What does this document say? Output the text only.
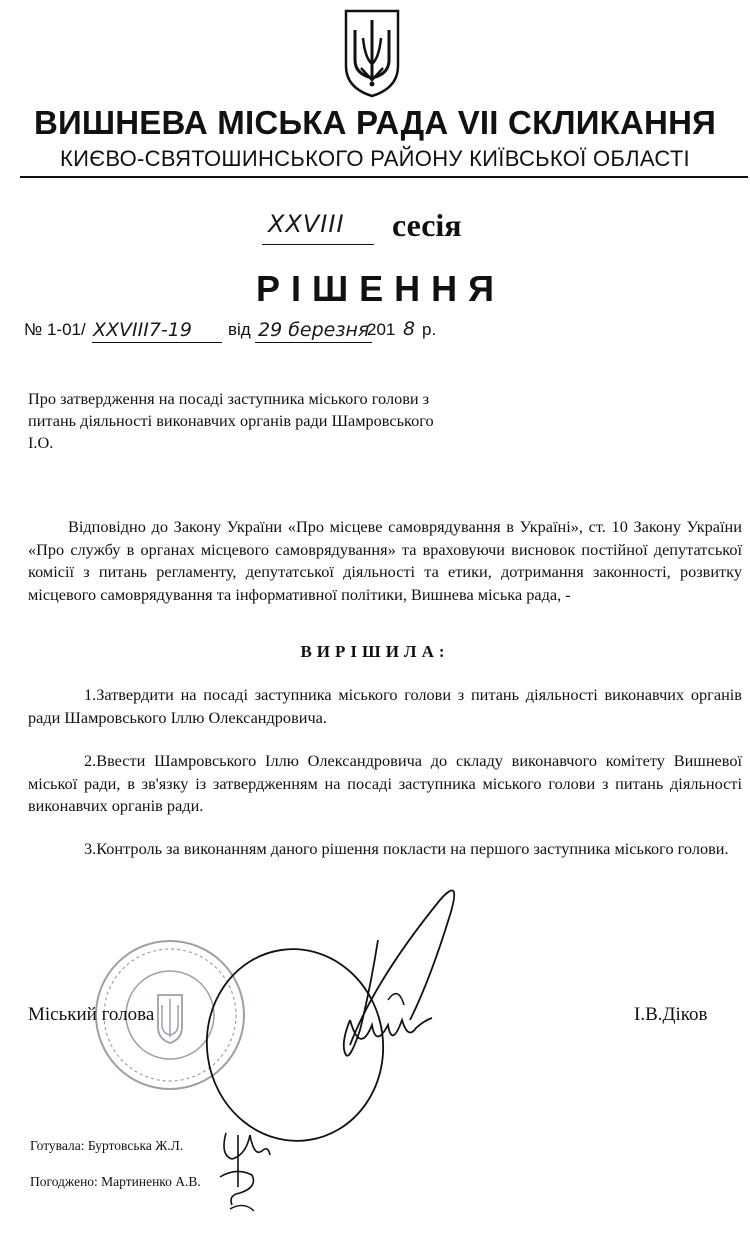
ВИШНЕВА МІСЬКА РАДА VII СКЛИКАННЯ
КИЄВО-СВЯТОШИНСЬКОГО РАЙОНУ КИЇВСЬКОЇ ОБЛАСТІ
XXVIII сесія
РІШЕННЯ
№ 1-01/ XXVIII7-19 від 29 березня
201 8 р.
Про затвердження на посаді заступника міського голови з питань діяльності виконавчих органів ради Шамровського І.О.
Відповідно до Закону України «Про місцеве самоврядування в Україні», ст. 10 Закону України «Про службу в органах місцевого самоврядування» та враховуючи висновок постійної депутатської комісії з питань регламенту, депутатської діяльності та етики, дотримання законності, розвитку місцевого самоврядування та інформативної політики, Вишнева міська рада, -
ВИРІШИЛА:
1.Затвердити на посаді заступника міського голови з питань діяльності виконавчих органів ради Шамровського Іллю Олександровича.
2.Ввести Шамровського Іллю Олександровича до складу виконавчого комітету Вишневої міської ради, в зв'язку із затвердженням на посаді заступника міського голови з питань діяльності виконавчих органів ради.
3.Контроль за виконанням даного рішення покласти на першого заступника міського голови.
Міський голова	І.В.Діков
Готувала: Буртовська Ж.Л.
Погоджено: Мартиненко А.В.
